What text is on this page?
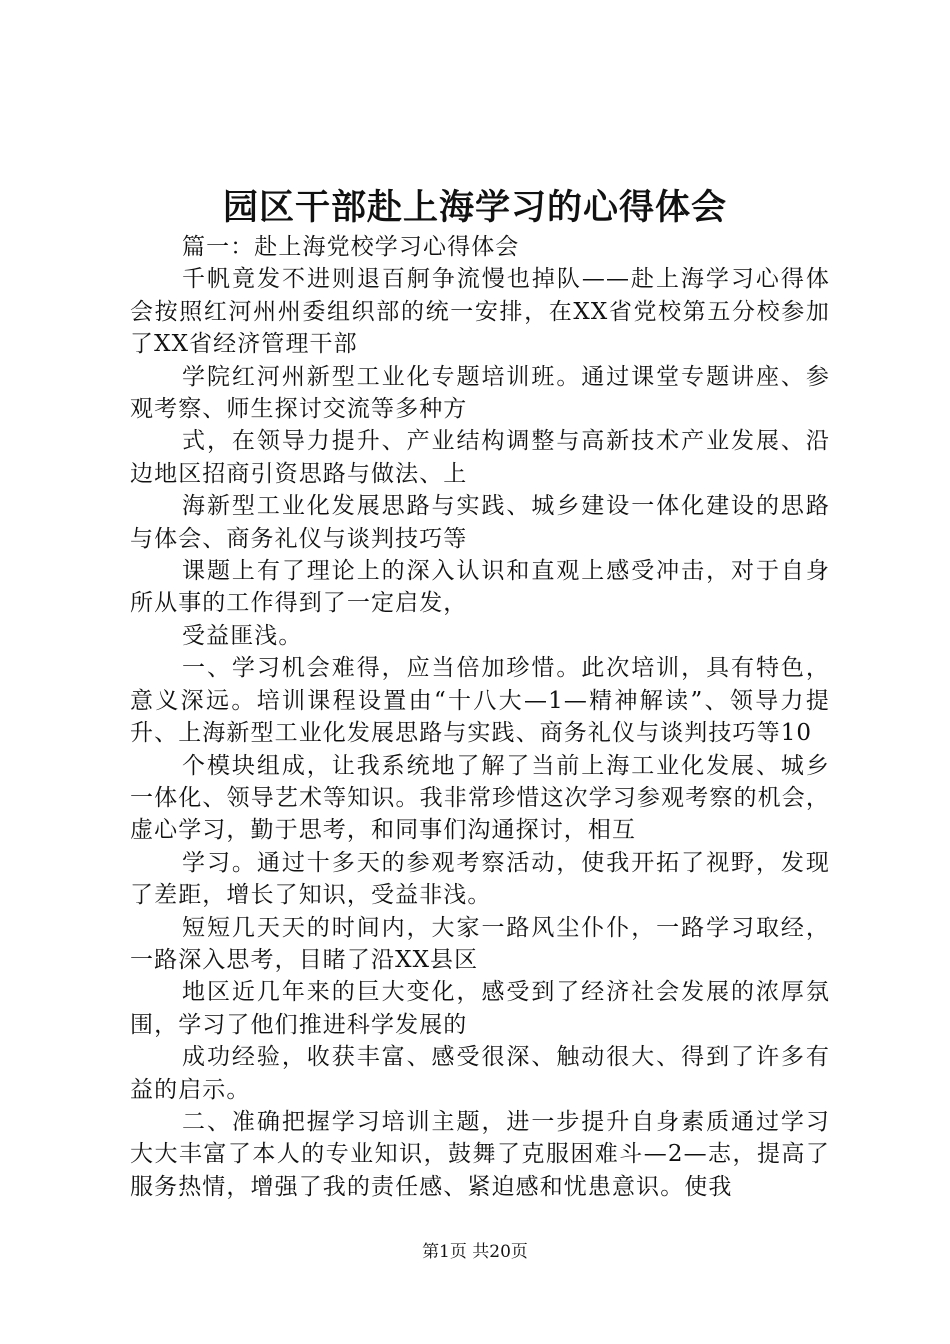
园区干部赴上海学习的心得体会

篇一：赴上海党校学习心得体会

千帆竟发不进则退百舸争流慢也掉队——赴上海学习心得体会按照红河州州委组织部的统一安排，在XX省党校第五分校参加了XX省经济管理干部

学院红河州新型工业化专题培训班。通过课堂专题讲座、参观考察、师生探讨交流等多种方

式，在领导力提升、产业结构调整与高新技术产业发展、沿边地区招商引资思路与做法、上

海新型工业化发展思路与实践、城乡建设一体化建设的思路与体会、商务礼仪与谈判技巧等

课题上有了理论上的深入认识和直观上感受冲击，对于自身所从事的工作得到了一定启发，

受益匪浅。

一、学习机会难得，应当倍加珍惜。此次培训，具有特色，意义深远。培训课程设置由“十八大—1—精神解读”、领导力提升、上海新型工业化发展思路与实践、商务礼仪与谈判技巧等10

个模块组成，让我系统地了解了当前上海工业化发展、城乡一体化、领导艺术等知识。我非常珍惜这次学习参观考察的机会，虚心学习，勤于思考，和同事们沟通探讨，相互

学习。通过十多天的参观考察活动，使我开拓了视野，发现了差距，增长了知识，受益非浅。

短短几天天的时间内，大家一路风尘仆仆，一路学习取经，一路深入思考，目睹了沿XX县区

地区近几年来的巨大变化，感受到了经济社会发展的浓厚氛围，学习了他们推进科学发展的

成功经验，收获丰富、感受很深、触动很大、得到了许多有益的启示。

二、准确把握学习培训主题，进一步提升自身素质通过学习大大丰富了本人的专业知识，鼓舞了克服困难斗—2—志，提高了服务热情，增强了我的责任感、紧迫感和忧患意识。使我

第1页 共20页
